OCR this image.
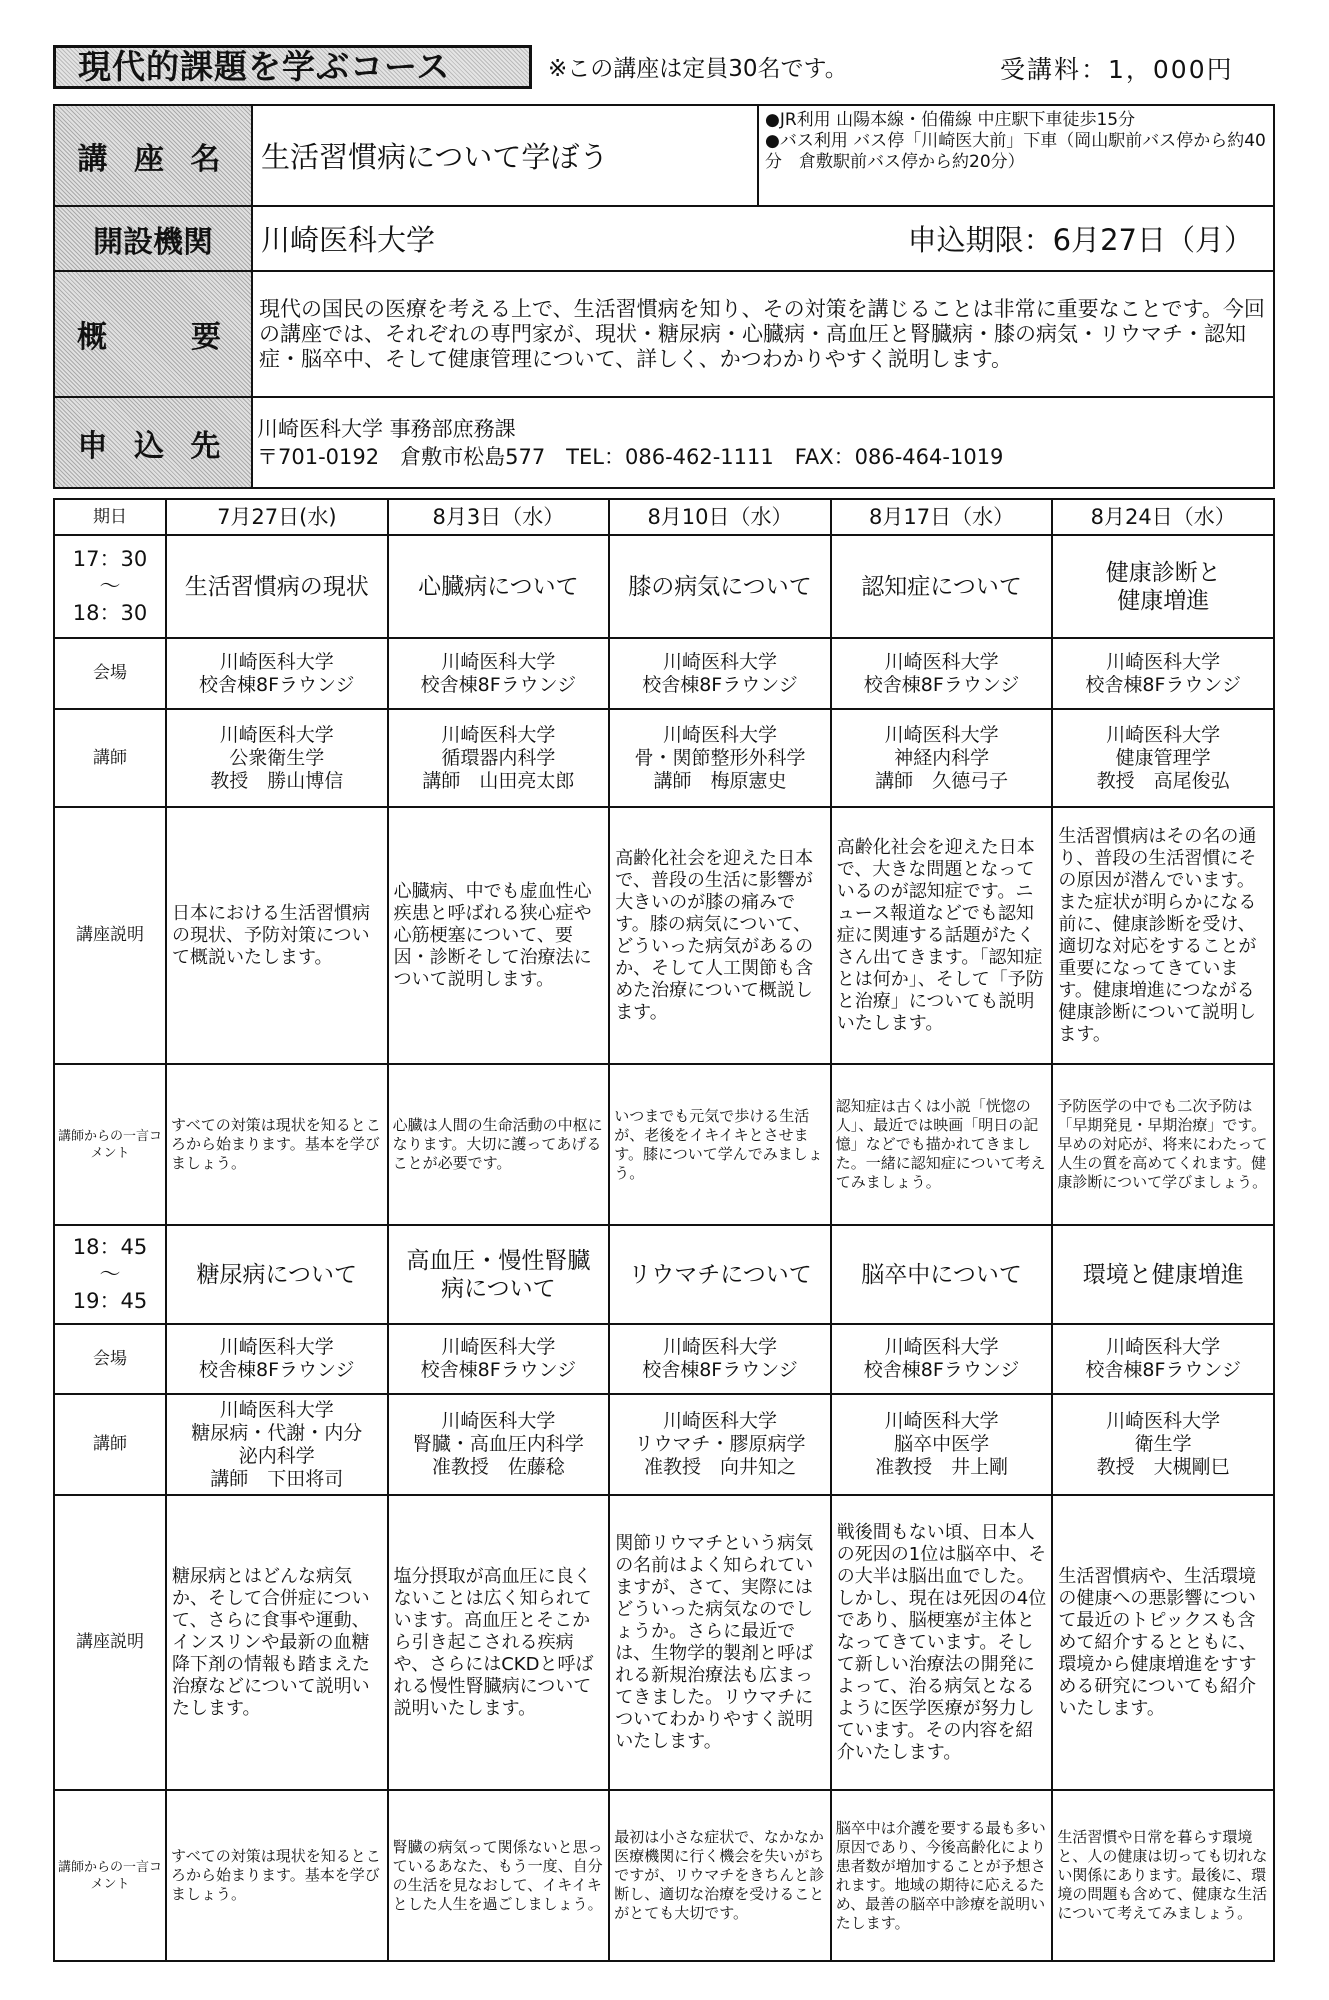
現代的課題を学ぶコース	※この講座は定員30名です。	受講料：1，000円
講 座 名	生活習慣病について学ぼう	●JR利用 山陽本線・伯備線 中庄駅下車徒歩15分
●バス利用 バス停「川崎医大前」下車（岡山駅前バス停から約40分　倉敷駅前バス停から約20分）
開設機関	川崎医科大学 申込期限：6月27日（月）	

概　　要	現代の国民の医療を考える上で、生活習慣病を知り、その対策を講じることは非常に重要なことです。今回の講座では、それぞれの専門家が、現状・糖尿病・心臓病・高血圧と腎臓病・膝の病気・リウマチ・認知症・脳卒中、そして健康管理について、詳しく、かつわかりやすく説明します。	
申 込 先	川崎医科大学 事務部庶務課
〒701-0192　倉敷市松島577　TEL：086-462-1111　FAX：086-464-1019	
期日	7月27日(水)	8月3日（水）	8月10日（水）	8月17日（水）	8月24日（水）
17：30
～
18：30	生活習慣病の現状	心臓病について	膝の病気について	認知症について	健康診断と
健康増進
会場	川崎医科大学
校舎棟8Fラウンジ	川崎医科大学
校舎棟8Fラウンジ	川崎医科大学
校舎棟8Fラウンジ	川崎医科大学
校舎棟8Fラウンジ	川崎医科大学
校舎棟8Fラウンジ
講師	川崎医科大学
公衆衛生学
教授　勝山博信	川崎医科大学
循環器内科学
講師　山田亮太郎	川崎医科大学
骨・関節整形外科学
講師　梅原憲史	川崎医科大学
神経内科学
講師　久德弓子	川崎医科大学
健康管理学
教授　高尾俊弘
講座説明	日本における生活習慣病の現状、予防対策について概説いたします。	心臓病、中でも虚血性心疾患と呼ばれる狭心症や心筋梗塞について、要因・診断そして治療法について説明します。	高齢化社会を迎えた日本で、普段の生活に影響が大きいのが膝の痛みです。膝の病気について、どういった病気があるのか、そして人工関節も含めた治療について概説します。	高齢化社会を迎えた日本で、大きな問題となっているのが認知症です。ニュース報道などでも認知症に関連する話題がたくさん出てきます。「認知症とは何か」、そして「予防と治療」についても説明いたします。	生活習慣病はその名の通り、普段の生活習慣にその原因が潜んでいます。また症状が明らかになる前に、健康診断を受け、適切な対応をすることが重要になってきています。健康増進につながる健康診断について説明します。
講師からの一言コメント	すべての対策は現状を知るところから始まります。基本を学びましょう。	心臓は人間の生命活動の中枢になります。大切に護ってあげることが必要です。	いつまでも元気で歩ける生活が、老後をイキイキとさせます。膝について学んでみましょう。	認知症は古くは小説「恍惚の人」、最近では映画「明日の記憶」などでも描かれてきました。一緒に認知症について考えてみましょう。	予防医学の中でも二次予防は「早期発見・早期治療」です。早めの対応が、将来にわたって人生の質を高めてくれます。健康診断について学びましょう。
18：45
～
19：45	糖尿病について	高血圧・慢性腎臓
病について	リウマチについて	脳卒中について	環境と健康増進
会場	川崎医科大学
校舎棟8Fラウンジ	川崎医科大学
校舎棟8Fラウンジ	川崎医科大学
校舎棟8Fラウンジ	川崎医科大学
校舎棟8Fラウンジ	川崎医科大学
校舎棟8Fラウンジ
講師	川崎医科大学
糖尿病・代謝・内分
泌内科学
講師　下田将司	川崎医科大学
腎臓・高血圧内科学
准教授　佐藤稔	川崎医科大学
リウマチ・膠原病学
准教授　向井知之	川崎医科大学
脳卒中医学
准教授　井上剛	川崎医科大学
衛生学
教授　大槻剛巳
講座説明	糖尿病とはどんな病気か、そして合併症について、さらに食事や運動、インスリンや最新の血糖降下剤の情報も踏まえた治療などについて説明いたします。	塩分摂取が高血圧に良くないことは広く知られています。高血圧とそこから引き起こされる疾病や、さらにはCKDと呼ばれる慢性腎臓病について説明いたします。	関節リウマチという病気の名前はよく知られていますが、さて、実際にはどういった病気なのでしょうか。さらに最近では、生物学的製剤と呼ばれる新規治療法も広まってきました。リウマチについてわかりやすく説明いたします。	戦後間もない頃、日本人の死因の1位は脳卒中、その大半は脳出血でした。しかし、現在は死因の4位であり、脳梗塞が主体となってきています。そして新しい治療法の開発によって、治る病気となるように医学医療が努力しています。その内容を紹介いたします。	生活習慣病や、生活環境の健康への悪影響について最近のトピックスも含めて紹介するとともに、環境から健康増進をすすめる研究についても紹介いたします。
講師からの一言コメント	すべての対策は現状を知るところから始まります。基本を学びましょう。	腎臓の病気って関係ないと思っているあなた、もう一度、自分の生活を見なおして、イキイキとした人生を過ごしましょう。	最初は小さな症状で、なかなか医療機関に行く機会を失いがちですが、リウマチをきちんと診断し、適切な治療を受けることがとても大切です。	脳卒中は介護を要する最も多い原因であり、今後高齢化により患者数が増加することが予想されます。地域の期待に応えるため、最善の脳卒中診療を説明いたします。	生活習慣や日常を暮らす環境と、人の健康は切っても切れない関係にあります。最後に、環境の問題も含めて、健康な生活について考えてみましょう。
